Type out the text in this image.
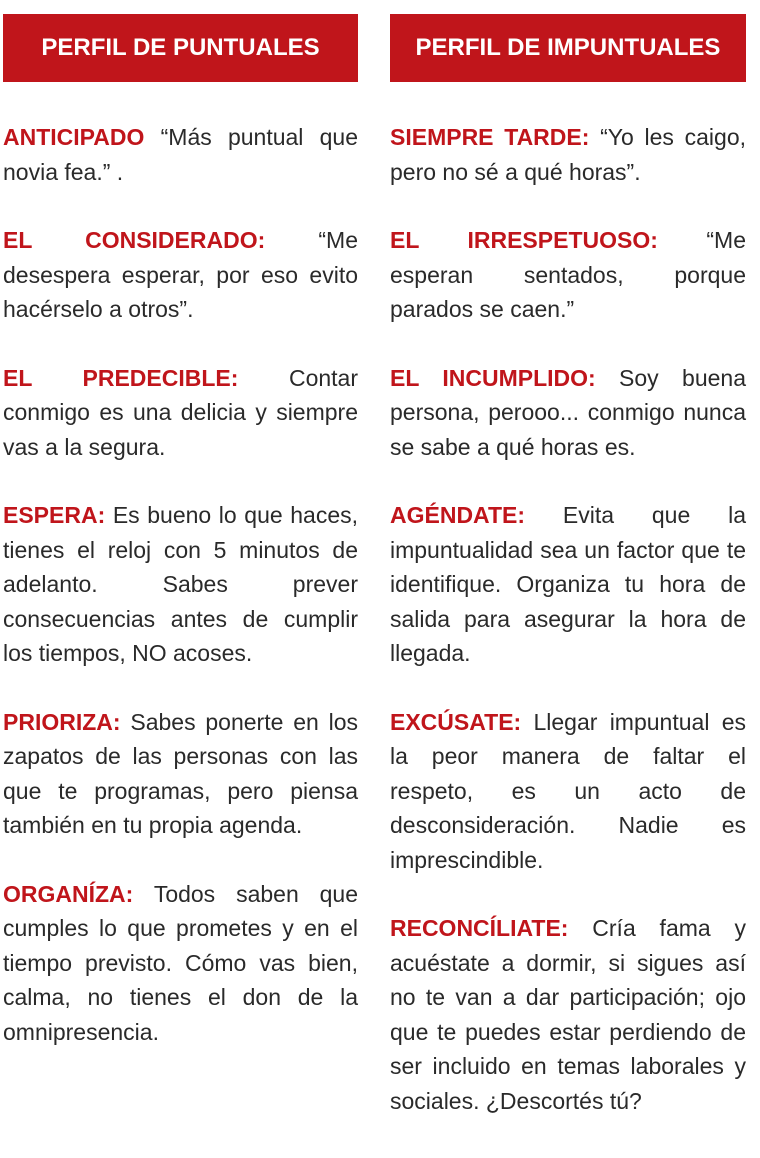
PERFIL DE PUNTUALES

ANTICIPADO “Más puntual que novia fea.” .

EL CONSIDERADO: “Me desespera esperar, por eso evito hacérselo a otros”.

EL PREDECIBLE: Contar conmigo es una delicia y siempre vas a la segura.

ESPERA: Es bueno lo que haces, tienes el reloj con 5 minutos de adelanto. Sabes prever consecuencias antes de cumplir los tiempos, NO acoses.

PRIORIZA: Sabes ponerte en los zapatos de las personas con las que te programas, pero piensa también en tu propia agenda.

ORGANÍZA: Todos saben que cumples lo que prometes y en el tiempo previsto. Cómo vas bien, calma, no tienes el don de la omnipresencia.

PERFIL DE IMPUNTUALES

SIEMPRE TARDE: “Yo les caigo, pero no sé a qué horas”.

EL IRRESPETUOSO: “Me esperan sentados, porque parados se caen.”

EL INCUMPLIDO: Soy buena persona, perooo... conmigo nunca se sabe a qué horas es.

AGÉNDATE: Evita que la impuntualidad sea un factor que te identifique. Organiza tu hora de salida para asegurar la hora de llegada.

EXCÚSATE: Llegar impuntual es la peor manera de faltar el respeto, es un acto de desconsideración. Nadie es imprescindible.

RECONCÍLIATE: Cría fama y acuéstate a dormir, si sigues así no te van a dar participación; ojo que te puedes estar perdiendo de ser incluido en temas laborales y sociales. ¿Descortés tú?
